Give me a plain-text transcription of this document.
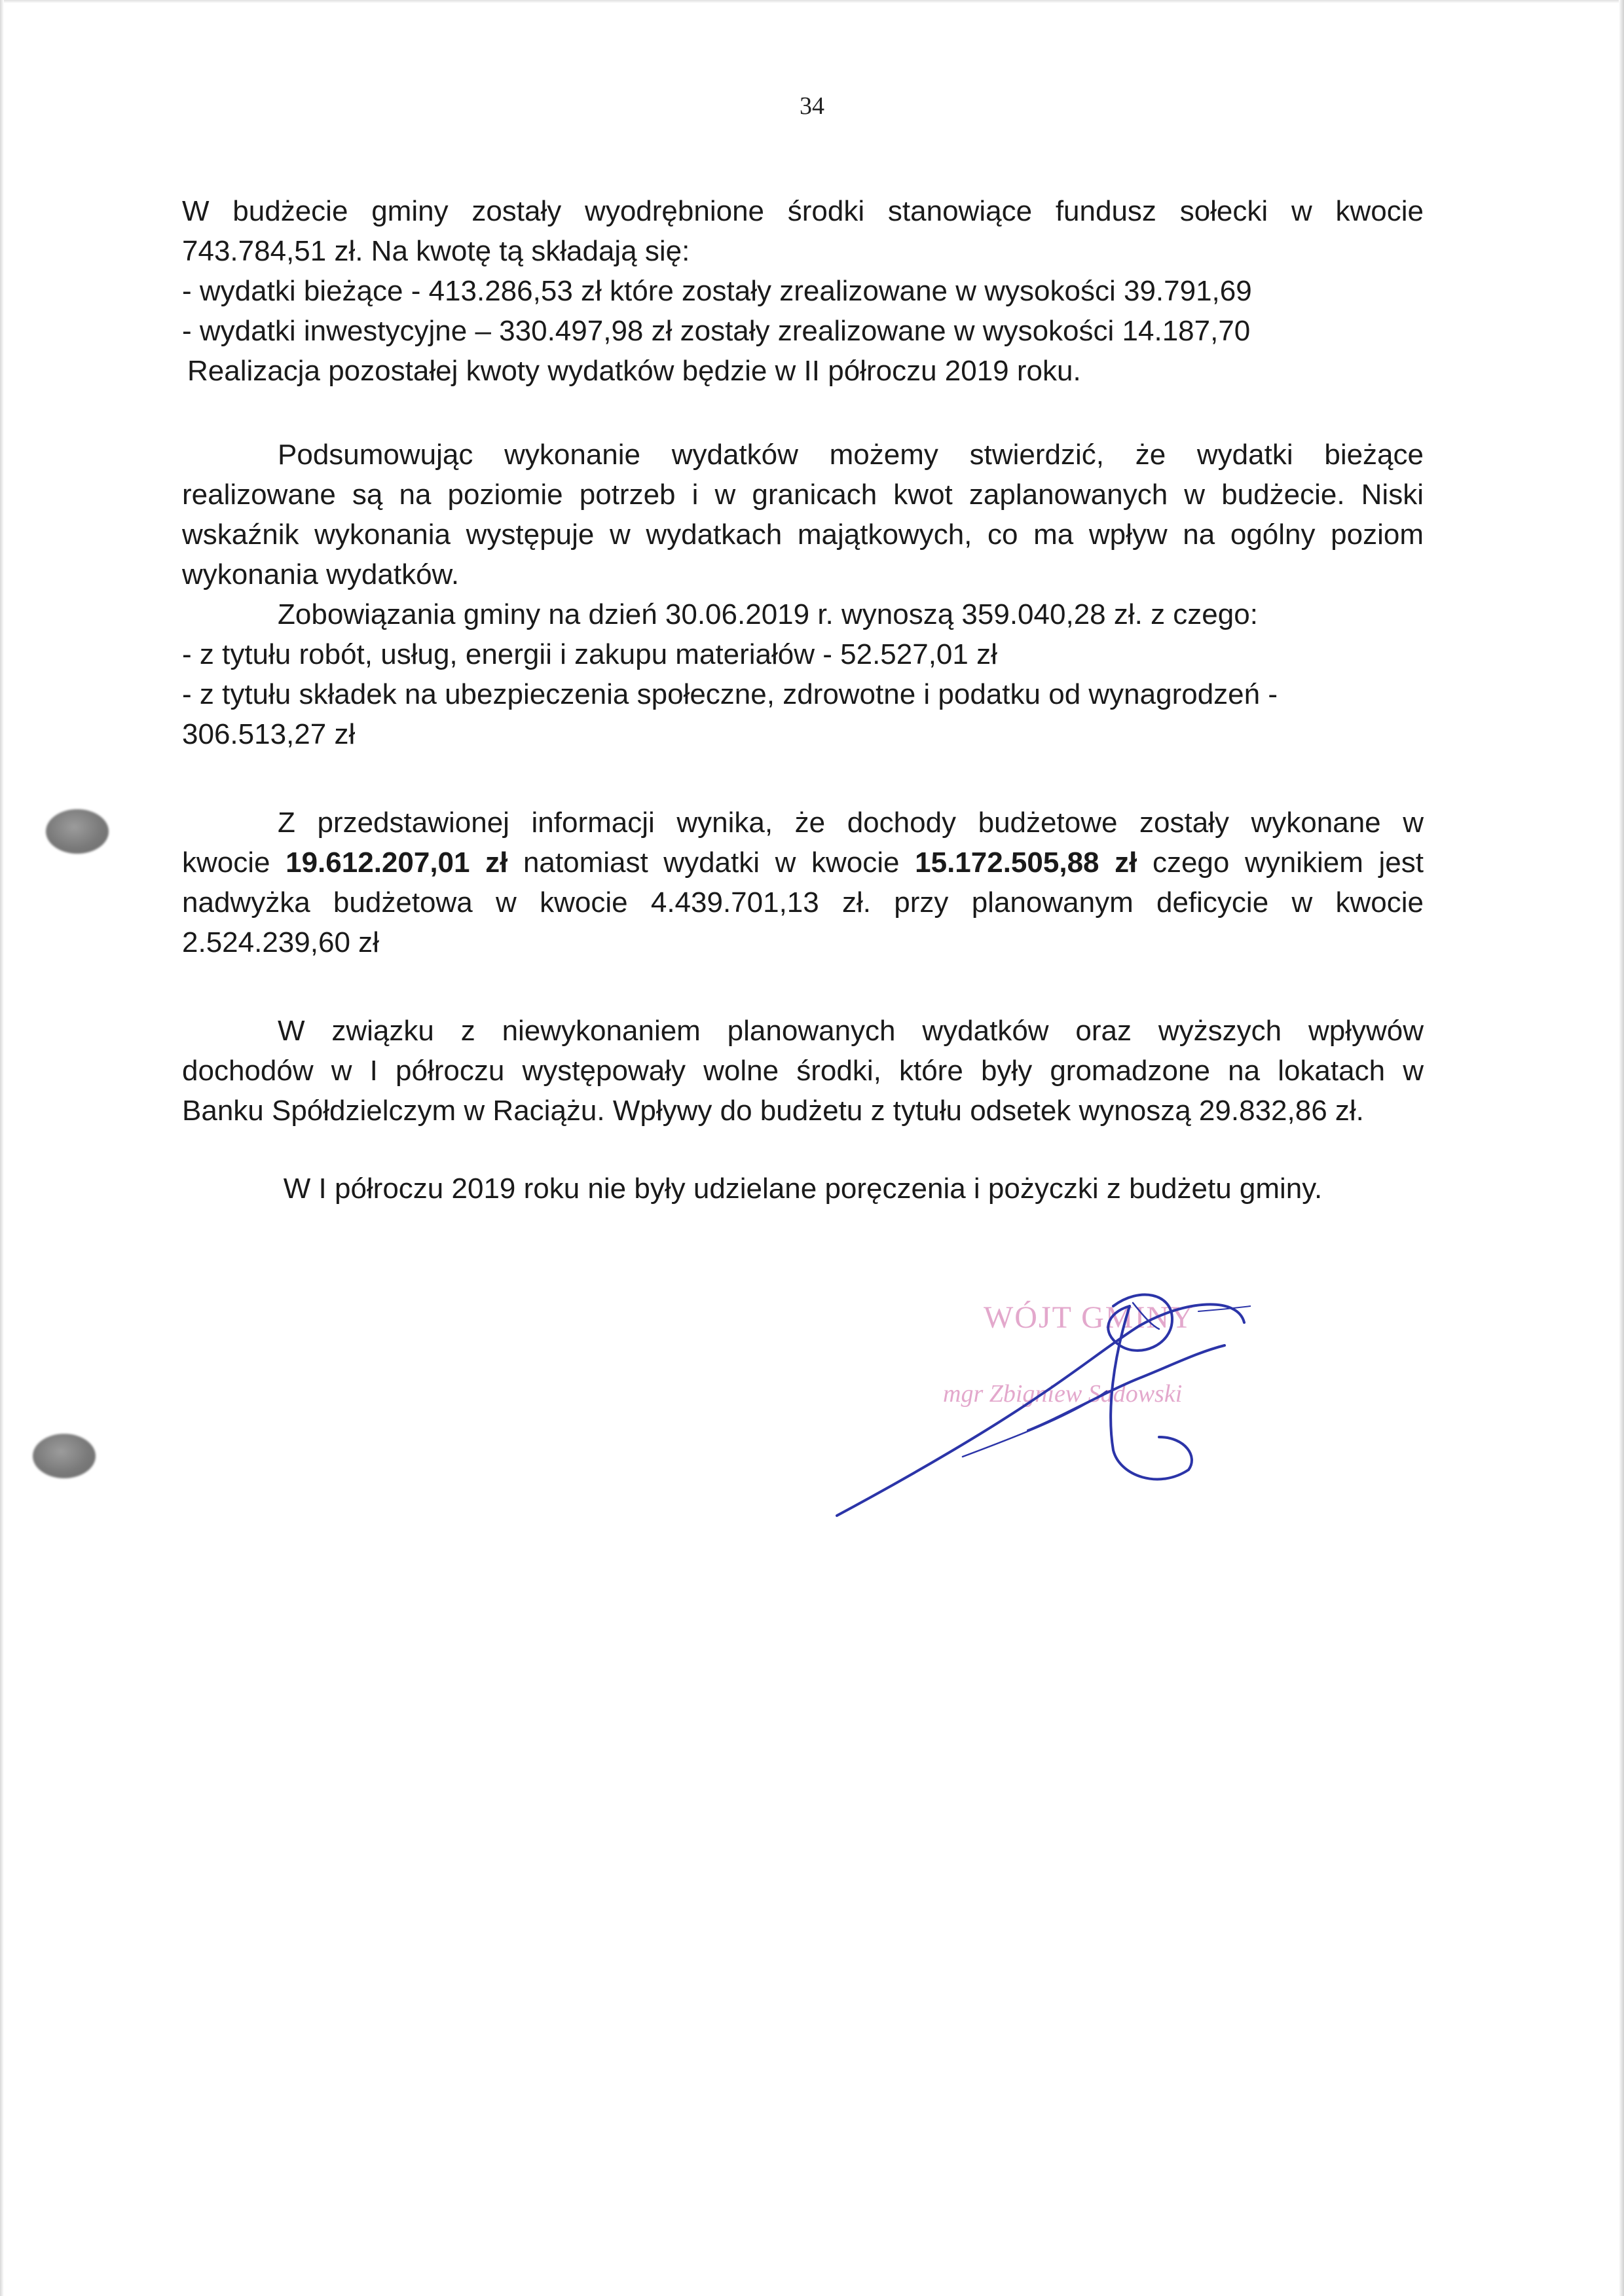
34
W budżecie gminy zostały wyodrębnione środki stanowiące fundusz sołecki w kwocie
743.784,51 zł. Na kwotę tą składają się:
- wydatki bieżące - 413.286,53 zł które zostały zrealizowane w wysokości 39.791,69
- wydatki inwestycyjne – 330.497,98 zł zostały zrealizowane w wysokości 14.187,70
Realizacja pozostałej kwoty wydatków będzie w II półroczu 2019 roku.
Podsumowując wykonanie wydatków możemy stwierdzić, że wydatki bieżące
realizowane są na poziomie potrzeb i w granicach kwot zaplanowanych w budżecie. Niski
wskaźnik wykonania występuje w wydatkach majątkowych, co ma wpływ na ogólny poziom
wykonania wydatków.
Zobowiązania gminy na dzień 30.06.2019 r. wynoszą 359.040,28 zł. z czego:
- z tytułu robót, usług, energii i zakupu materiałów - 52.527,01 zł
- z tytułu składek na ubezpieczenia społeczne, zdrowotne i podatku od wynagrodzeń -
306.513,27 zł
Z przedstawionej informacji wynika, że dochody budżetowe zostały wykonane w
kwocie 19.612.207,01 zł natomiast wydatki w kwocie 15.172.505,88 zł czego wynikiem jest
nadwyżka budżetowa w kwocie 4.439.701,13 zł. przy planowanym deficycie w kwocie
2.524.239,60 zł
W związku z niewykonaniem planowanych wydatków oraz wyższych wpływów
dochodów w I półroczu występowały wolne środki, które były gromadzone na lokatach w
Banku Spółdzielczym w Raciążu. Wpływy do budżetu z tytułu odsetek wynoszą 29.832,86 zł.
W I półroczu 2019 roku nie były udzielane poręczenia i pożyczki z budżetu gminy.
WÓJT GMINY
mgr Zbigniew Sadowski
